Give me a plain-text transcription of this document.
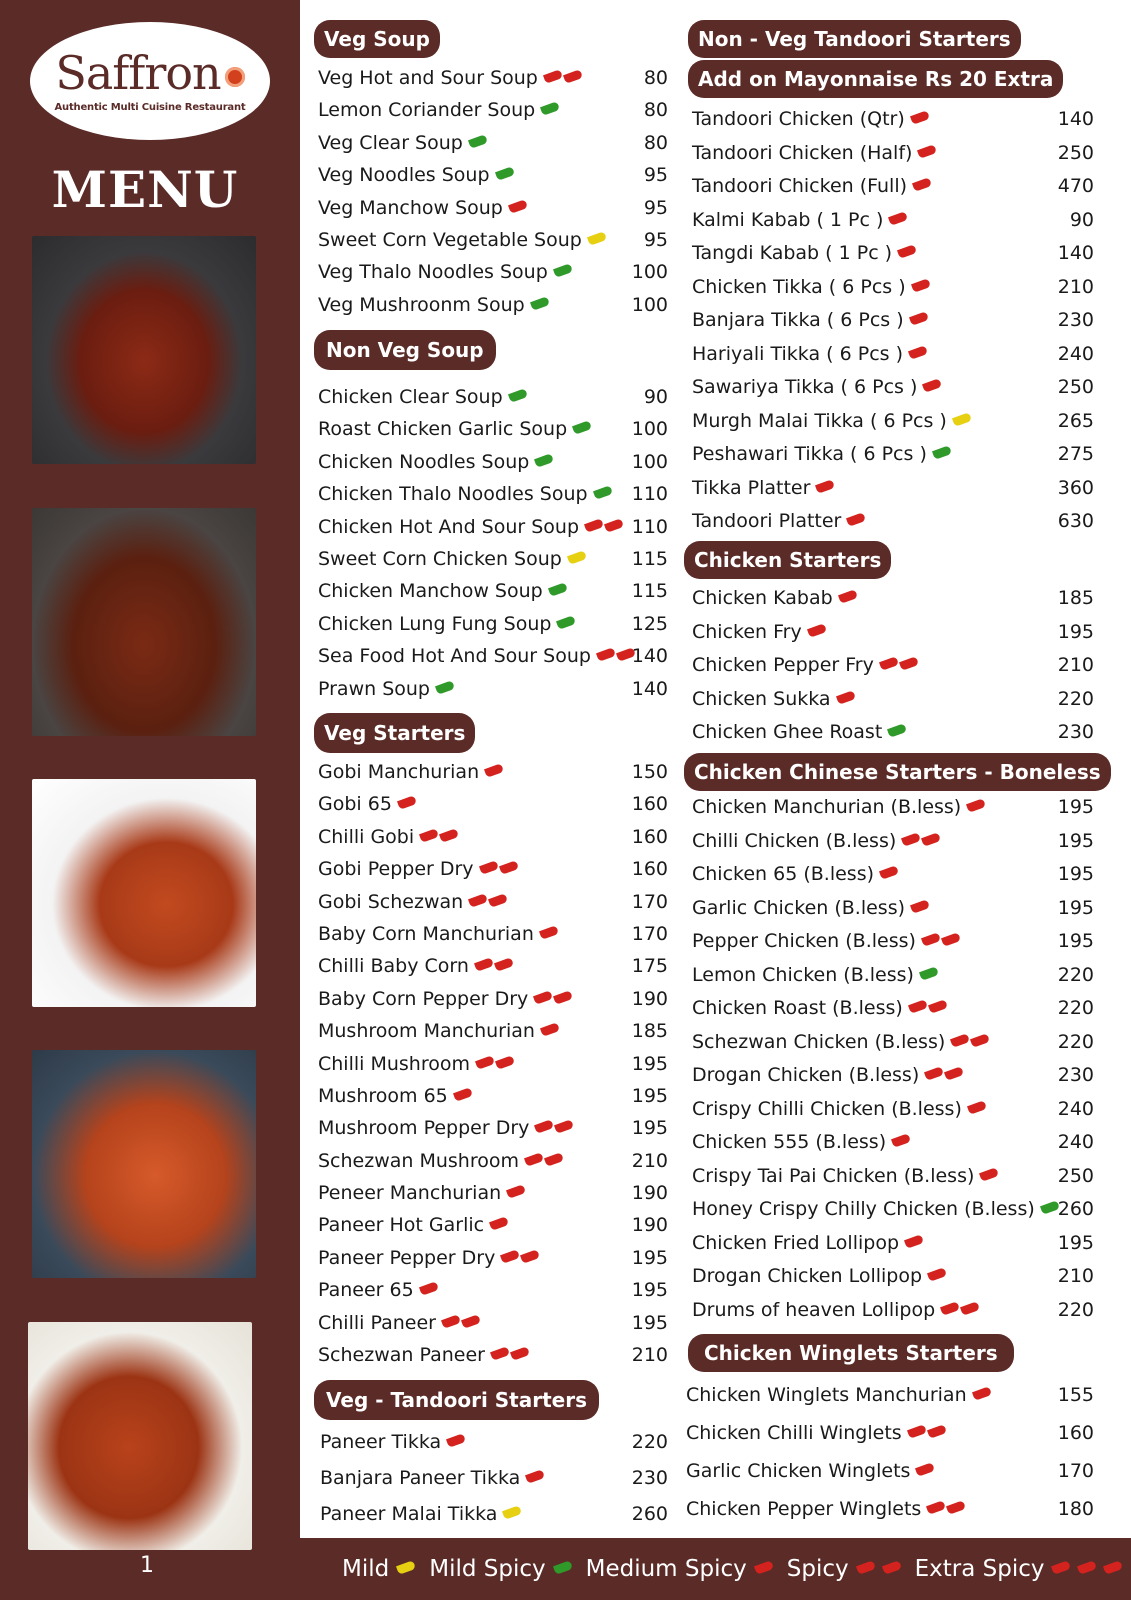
Saffron
Authentic Multi Cuisine Restaurant
MENU
1
Veg Soup
Veg Hot and Sour Soup	80
Lemon Coriander Soup	80
Veg Clear Soup	80
Veg Noodles Soup	95
Veg Manchow Soup	95
Sweet Corn Vegetable Soup	95
Veg Thalo Noodles Soup	100
Veg Mushroonm Soup	100
Non Veg Soup
Chicken Clear Soup	90
Roast Chicken Garlic Soup	100
Chicken Noodles Soup	100
Chicken Thalo Noodles Soup 110
Chicken Hot And Sour Soup	110
Sweet Corn Chicken Soup	115
Chicken Manchow Soup	115
Chicken Lung Fung Soup	125
Sea Food Hot And Sour Soup 140
Prawn Soup	140
Veg Starters
Gobi Manchurian	150
Gobi 65	160
Chilli Gobi	160
Gobi Pepper Dry	160
Gobi Schezwan	170
Baby Corn Manchurian	170
Chilli Baby Corn	175
Baby Corn Pepper Dry	190
Mushroom Manchurian	185
Chilli Mushroom	195
Mushroom 65	195
Mushroom Pepper Dry	195
Schezwan Mushroom	210
Peneer Manchurian	190
Paneer Hot Garlic	190
Paneer Pepper Dry	195
Paneer 65	195
Chilli Paneer	195
Schezwan Paneer	210
Veg - Tandoori Starters
Paneer Tikka	220
Banjara Paneer Tikka	230
Paneer Malai Tikka	260
Non - Veg Tandoori Starters
Add on Mayonnaise Rs 20 Extra
Tandoori Chicken (Qtr)	140
Tandoori Chicken (Half)	250
Tandoori Chicken (Full)	470
Kalmi Kabab ( 1 Pc )	90
Tangdi Kabab ( 1 Pc )	140
Chicken Tikka ( 6 Pcs )	210
Banjara Tikka ( 6 Pcs )	230
Hariyali Tikka ( 6 Pcs )	240
Sawariya Tikka ( 6 Pcs )	250
Murgh Malai Tikka ( 6 Pcs )	265
Peshawari Tikka ( 6 Pcs )	275
Tikka Platter	360
Tandoori Platter	630
Chicken Starters
Chicken Kabab	185
Chicken Fry	195
Chicken Pepper Fry	210
Chicken Sukka	220
Chicken Ghee Roast	230
Chicken Chinese Starters - Boneless
Chicken Manchurian (B.less)	195
Chilli Chicken (B.less)	195
Chicken 65 (B.less)	195
Garlic Chicken (B.less)	195
Pepper Chicken (B.less)	195
Lemon Chicken (B.less)	220
Chicken Roast (B.less)	220
Schezwan Chicken (B.less)	220
Drogan Chicken (B.less)	230
Crispy Chilli Chicken (B.less)	240
Chicken 555 (B.less)	240
Crispy Tai Pai Chicken (B.less)	250
Honey Crispy Chilly Chicken (B.less) 260
Chicken Fried Lollipop	195
Drogan Chicken Lollipop	210
Drums of heaven Lollipop	220
Chicken Winglets Starters
Chicken Winglets Manchurian	155
Chicken Chilli Winglets	160
Garlic Chicken Winglets	170
Chicken Pepper Winglets	180
Mild Mild Spicy Medium Spicy Spicy	Extra Spicy
